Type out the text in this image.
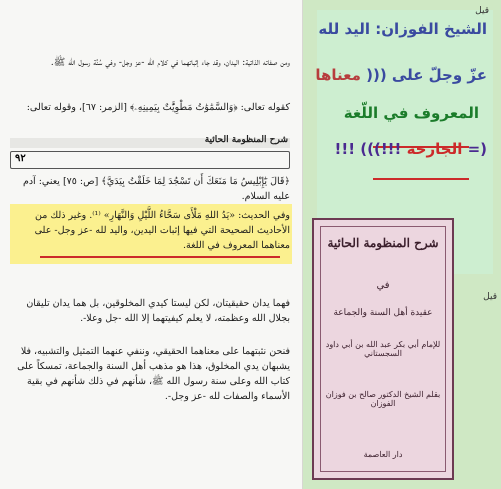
ومن صفاته الذاتية: اليدان، وقد جاء إثباتهما في كلام الله -عز وجل- وفي سُنَّة رسول الله ﷺ.
كقوله تعالى: ﴿وَالسَّمَٰوَٰتُ مَطْوِيَّٰتٌ بِيَمِينِهِۦ﴾ [الزمر: ٦٧]، وقوله تعالى:
شرح المنظومة الحائية
٩٢
﴿قَالَ يَٰٓإِبْلِيسُ مَا مَنَعَكَ أَن تَسْجُدَ لِمَا خَلَقْتُ بِيَدَيَّ﴾ [ص: ٧٥] يعني: آدم عليه السلام.
وفي الحديث: «يَدُ اللهِ مَلْأَى سَحَّاءُ اللَّيْلِ وَالنَّهَارِ» ⁽¹⁾. وغير ذلك من الأحاديث الصحيحة التي فيها إثبات اليدين، واليد لله -عز وجل- على معناهما المعروف في اللغة.
فهما يدان حقيقيتان، لكن ليستا كيدي المخلوقين، بل هما يدان تليقان بجلال الله وعظمته، لا يعلم كيفيتهما إلا الله -جل وعلا-.
فنحن نثبتهما على معناهما الحقيقي، وننفي عنهما التمثيل والتشبيه، فلا يشبهان يدي المخلوق، هذا هو مذهب أهل السنة والجماعة، تمسكاً على كتاب الله وعلى سنة رسول الله ﷺ، شأنهم في ذلك شأنهم في بقية الأسماء والصفات لله -عز وجل-.
قيل
الشيخ الفوزان: اليد لله
عزّ وجلّ على ((( معناها
المعروف في اللّغة
(= الجارحة !!!))) !!!
قيل
شرح المنظومة الحائية
في
عقيدة أهل السنة والجماعة
للإمام أبي بكر عبد الله بن أبي داود السجستاني
بقلم الشيخ الدكتور صالح بن فوزان الفوزان
دار العاصمة
